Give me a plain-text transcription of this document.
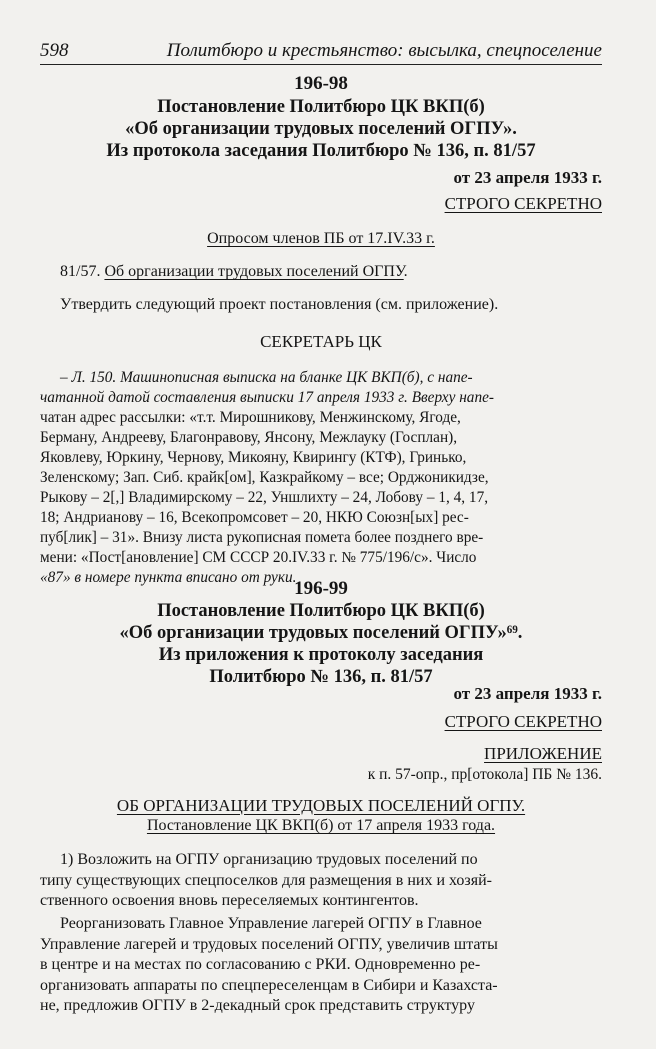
598	Политбюро и крестьянство: высылка, спецпоселение
196-98
Постановление Политбюро ЦК ВКП(б)
«Об организации трудовых поселений ОГПУ».
Из протокола заседания Политбюро № 136, п. 81/57
от 23 апреля 1933 г.
СТРОГО СЕКРЕТНО
Опросом членов ПБ от 17.IV.33 г.
81/57. Об организации трудовых поселений ОГПУ.
Утвердить следующий проект постановления (см. приложение).
СЕКРЕТАРЬ ЦК
– Л. 150. Машинописная выписка на бланке ЦК ВКП(б), с напе-
чатанной датой составления выписки 17 апреля 1933 г. Вверху напе-
чатан адрес рассылки: «т.т. Мирошникову, Менжинскому, Ягоде,
Берману, Андрееву, Благонравову, Янсону, Межлауку (Госплан),
Яковлеву, Юркину, Чернову, Микояну, Квирингу (КТФ), Гринько,
Зеленскому; Зап. Сиб. крайк[ом], Казкрайкому – все; Орджоникидзе,
Рыкову – 2[,] Владимирскому – 22, Уншлихту – 24, Лобову – 1, 4, 17,
18; Андрианову – 16, Всекопромсовет – 20, НКЮ Союзн[ых] рес-
пуб[лик] – 31». Внизу листа рукописная помета более позднего вре-
мени: «Пост[ановление] СМ СССР 20.IV.33 г. № 775/196/с». Число
«87» в номере пункта вписано от руки.
196-99
Постановление Политбюро ЦК ВКП(б)
«Об организации трудовых поселений ОГПУ»⁶⁹.
Из приложения к протоколу заседания
Политбюро № 136, п. 81/57
от 23 апреля 1933 г.
СТРОГО СЕКРЕТНО
ПРИЛОЖЕНИЕ
к п. 57-опр., пр[отокола] ПБ № 136.
ОБ ОРГАНИЗАЦИИ ТРУДОВЫХ ПОСЕЛЕНИЙ ОГПУ.
Постановление ЦК ВКП(б) от 17 апреля 1933 года.
1) Возложить на ОГПУ организацию трудовых поселений по
типу существующих спецпоселков для размещения в них и хозяй-
ственного освоения вновь переселяемых контингентов.
Реорганизовать Главное Управление лагерей ОГПУ в Главное
Управление лагерей и трудовых поселений ОГПУ, увеличив штаты
в центре и на местах по согласованию с РКИ. Одновременно ре-
организовать аппараты по спецпереселенцам в Сибири и Казахста-
не, предложив ОГПУ в 2-декадный срок представить структуру
